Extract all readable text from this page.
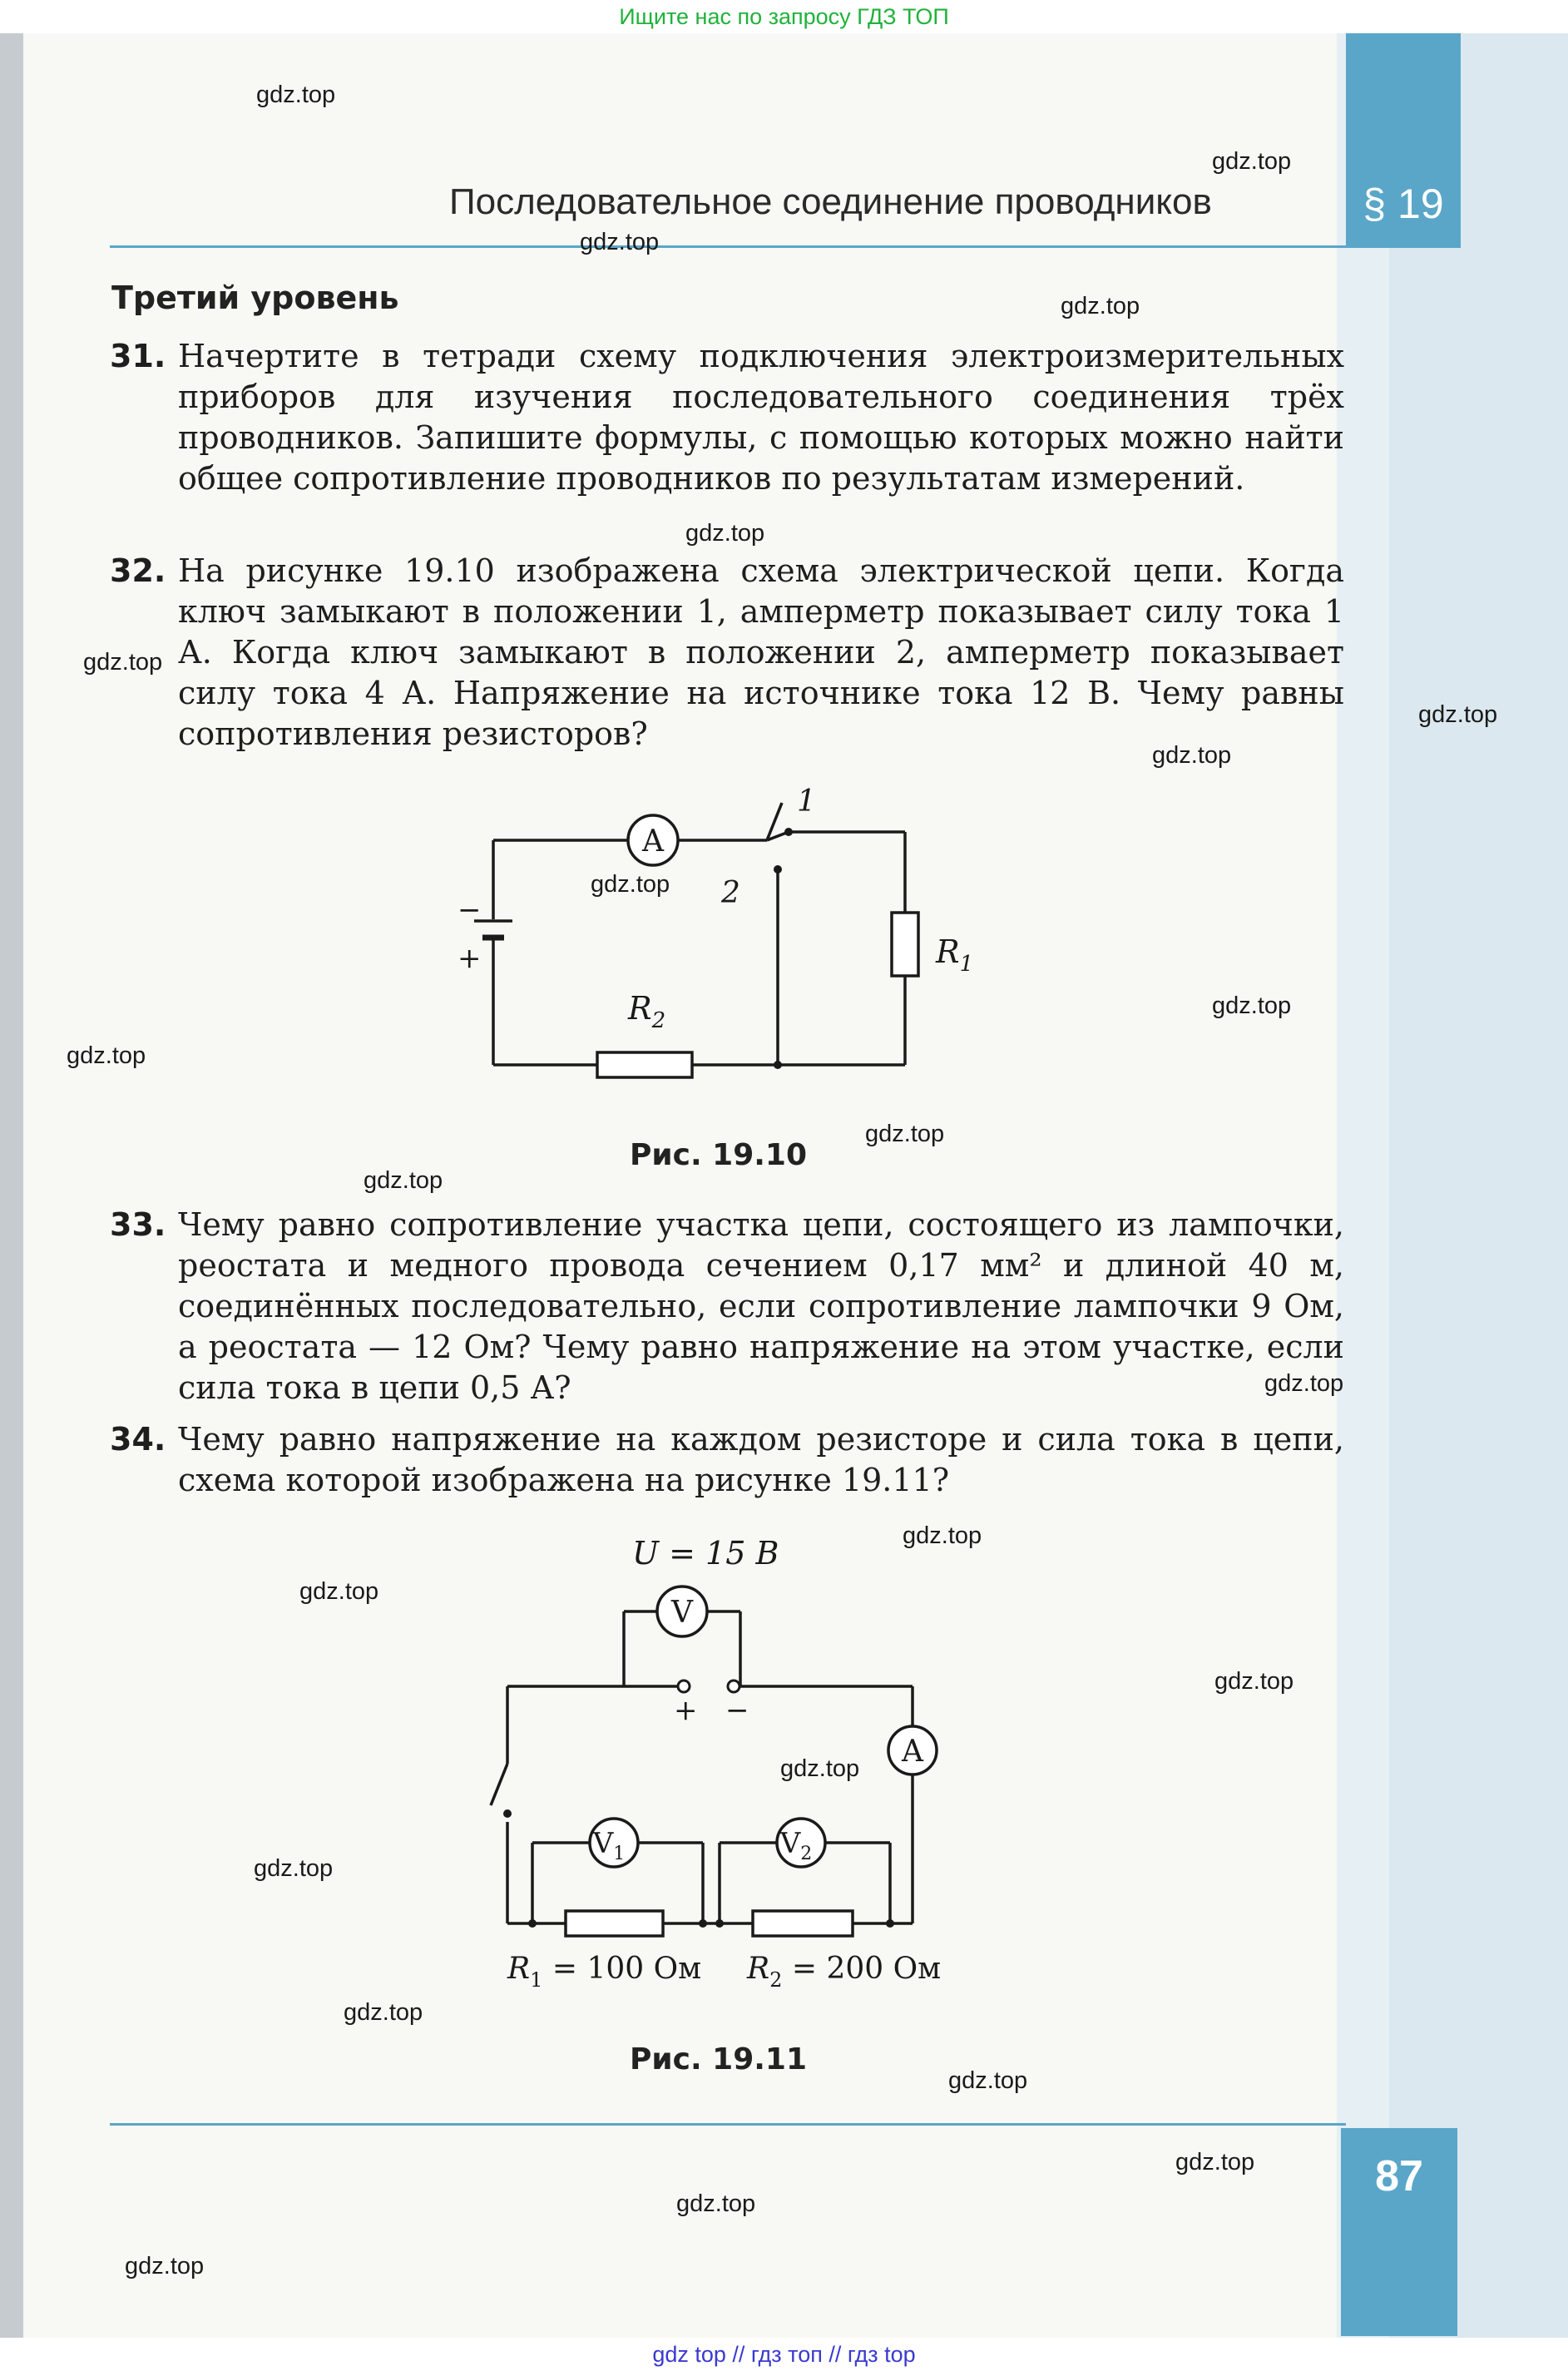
Ищите нас по запросу ГДЗ ТОП
Последовательное соединение проводников	§ 19
Третий уровень
31. Начертите в тетради схему подключения электроизмерительных приборов для изучения последовательного соединения трёх проводников. Запишите формулы, с помощью которых можно найти общее сопротивление проводников по результатам измерений.
32. На рисунке 19.10 изображена схема электрической цепи. Когда ключ замыкают в положении 1, амперметр показывает силу тока 1 А. Когда ключ замыкают в положении 2, амперметр показывает силу тока 4 А. Напряжение на источнике тока 12 В. Чему равны сопротивления резисторов?
A
$R_1$
$R_2$
1
2
−
+
Рис. 19.10
33. Чему равно сопротивление участка цепи, состоящего из лампочки, реостата и медного провода сечением 0,17 мм² и длиной 40 м, соединённых последовательно, если сопротивление лампочки 9 Ом, а реостата — 12 Ом? Чему равно напряжение на этом участке, если сила тока в цепи 0,5 А?
34. Чему равно напряжение на каждом резисторе и сила тока в цепи, схема которой изображена на рисунке 19.11?
U = 15 В
+ −
V
A
$V_1$	$V_2$
$R_1 = 100$ Ом $R_2 = 200$ Ом
Рис. 19.11
87
gdz.top
gdz.top
gdz.top
gdz.top
gdz.top
gdz.top
gdz.top
gdz.top
gdz.top
gdz.top
gdz.top
gdz.top
gdz.top
gdz.top
gdz.top
gdz.top
gdz.top
gdz.top
gdz.top
gdz.top
gdz.top
gdz.top
gdz.top
gdz.top
gdz top // гдз топ // гдз top
